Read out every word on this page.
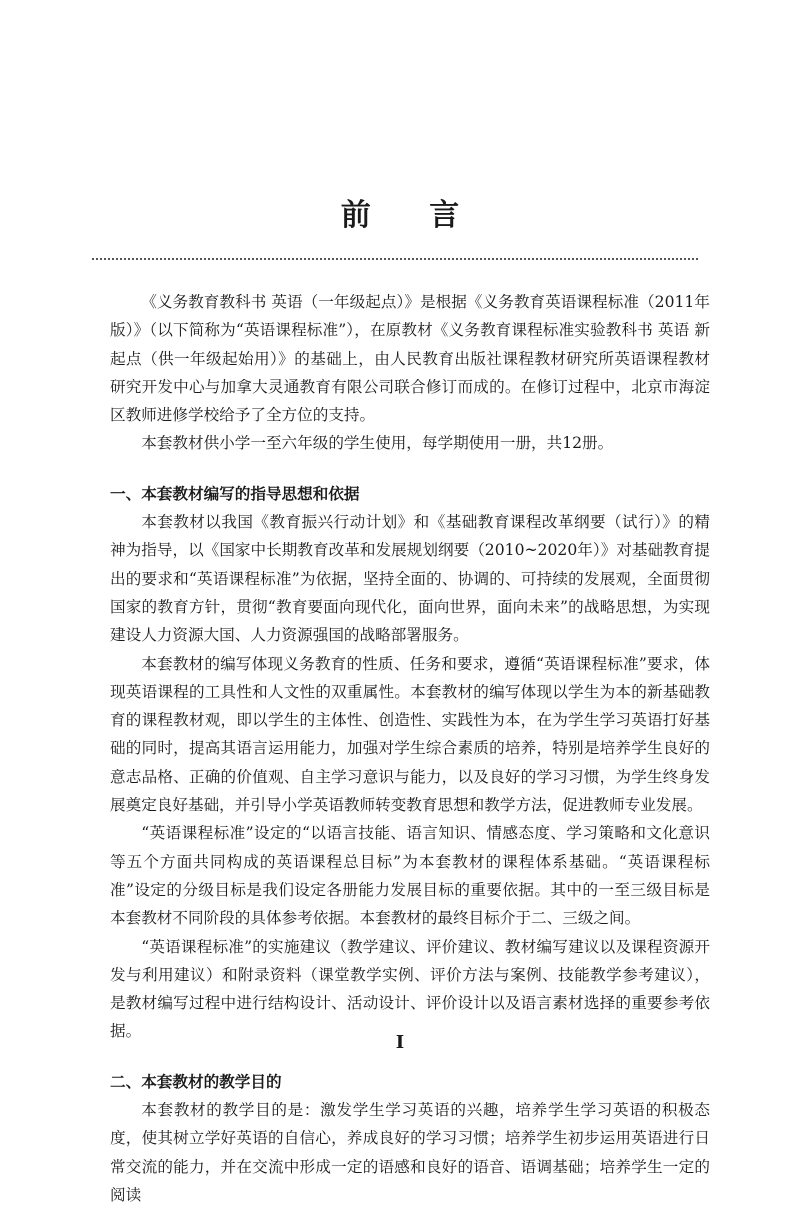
前 言

《义务教育教科书 英语（一年级起点）》是根据《义务教育英语课程标准（2011年版）》（以下简称为“英语课程标准”），在原教材《义务教育课程标准实验教科书 英语 新起点（供一年级起始用）》的基础上，由人民教育出版社课程教材研究所英语课程教材研究开发中心与加拿大灵通教育有限公司联合修订而成的。在修订过程中，北京市海淀区教师进修学校给予了全方位的支持。

本套教材供小学一至六年级的学生使用，每学期使用一册，共12册。

一、本套教材编写的指导思想和依据

本套教材以我国《教育振兴行动计划》和《基础教育课程改革纲要（试行）》的精神为指导，以《国家中长期教育改革和发展规划纲要（2010~2020年）》对基础教育提出的要求和“英语课程标准”为依据，坚持全面的、协调的、可持续的发展观，全面贯彻国家的教育方针，贯彻“教育要面向现代化，面向世界，面向未来”的战略思想，为实现建设人力资源大国、人力资源强国的战略部署服务。

本套教材的编写体现义务教育的性质、任务和要求，遵循“英语课程标准”要求，体现英语课程的工具性和人文性的双重属性。本套教材的编写体现以学生为本的新基础教育的课程教材观，即以学生的主体性、创造性、实践性为本，在为学生学习英语打好基础的同时，提高其语言运用能力，加强对学生综合素质的培养，特别是培养学生良好的意志品格、正确的价值观、自主学习意识与能力，以及良好的学习习惯，为学生终身发展奠定良好基础，并引导小学英语教师转变教育思想和教学方法，促进教师专业发展。

“英语课程标准”设定的“以语言技能、语言知识、情感态度、学习策略和文化意识等五个方面共同构成的英语课程总目标”为本套教材的课程体系基础。“英语课程标准”设定的分级目标是我们设定各册能力发展目标的重要依据。其中的一至三级目标是本套教材不同阶段的具体参考依据。本套教材的最终目标介于二、三级之间。

“英语课程标准”的实施建议（教学建议、评价建议、教材编写建议以及课程资源开发与利用建议）和附录资料（课堂教学实例、评价方法与案例、技能教学参考建议），是教材编写过程中进行结构设计、活动设计、评价设计以及语言素材选择的重要参考依据。

二、本套教材的教学目的

本套教材的教学目的是：激发学生学习英语的兴趣，培养学生学习英语的积极态度，使其树立学好英语的自信心，养成良好的学习习惯；培养学生初步运用英语进行日常交流的能力，并在交流中形成一定的语感和良好的语音、语调基础；培养学生一定的阅读

I
